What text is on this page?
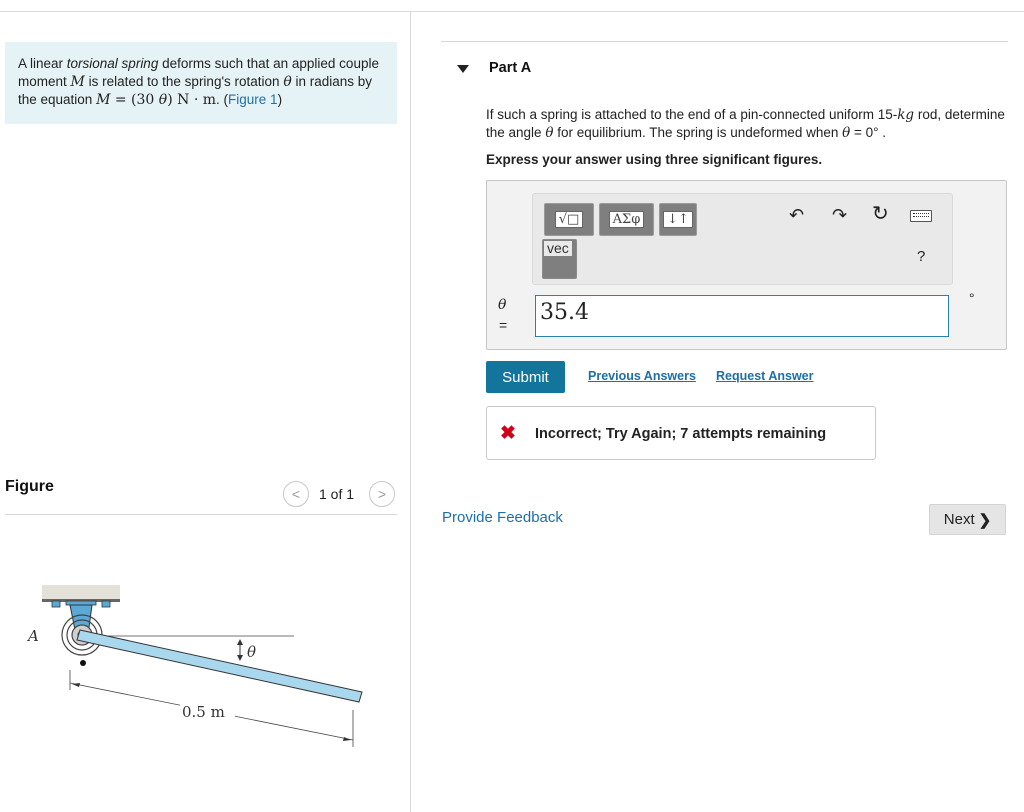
A linear torsional spring deforms such that an applied couple moment M is related to the spring's rotation θ in radians by the equation M = (30 θ) N · m. (Figure 1)
Figure	< 1 of 1 >
A
θ
0.5 m
Part A
If such a spring is attached to the end of a pin-connected uniform 15-kg rod, determine the angle θ for equilibrium. The spring is undeformed when θ = 0° .
Express your answer using three significant figures.
√□	ΑΣφ	↓↑
vec
↶ ↷ ↻
?
θ
= 35.4
°
Submit	Previous Answers Request Answer
✖ Incorrect; Try Again; 7 attempts remaining
Provide Feedback	Next ❯
